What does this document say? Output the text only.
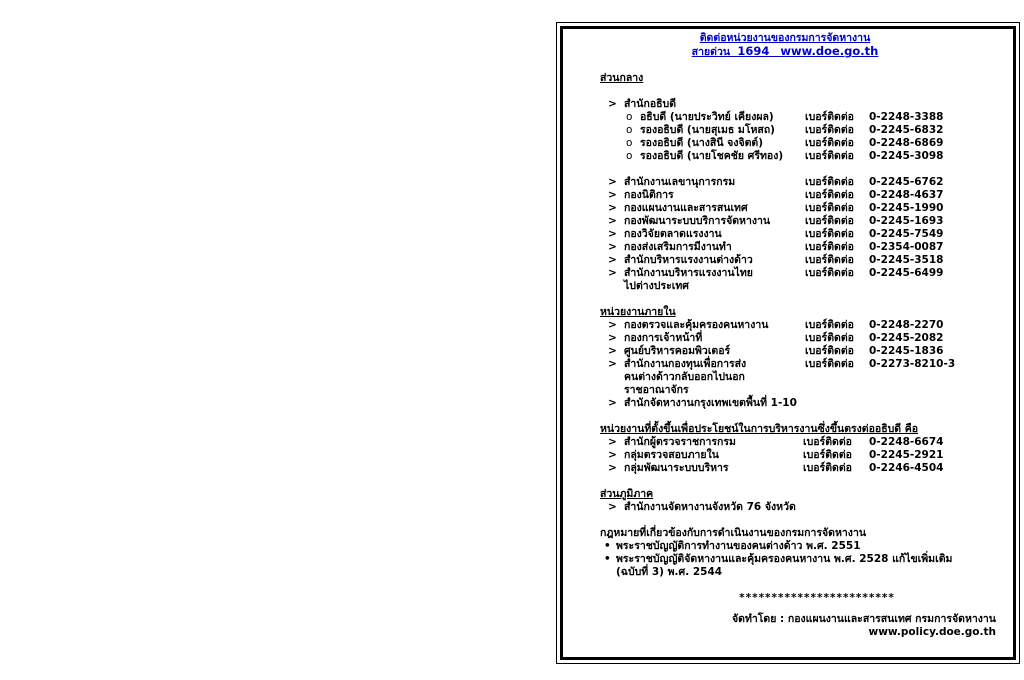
ติดต่อหน่วยงานของกรมการจัดหางาน
สายด่วน 1694 www.doe.go.th
ส่วนกลาง
> สำนักอธิบดี
o อธิบดี (นายประวิทย์ เคียงผล)	เบอร์ติดต่อ 0-2248-3388
o รองอธิบดี (นายสุเมธ มโหสถ)	เบอร์ติดต่อ 0-2245-6832
o รองอธิบดี (นางสินี จงจิตต์)	เบอร์ติดต่อ 0-2248-6869
o รองอธิบดี (นายโชคชัย ศรีทอง) เบอร์ติดต่อ 0-2245-3098
> สำนักงานเลขานุการกรม	เบอร์ติดต่อ 0-2245-6762
> กองนิติการ	เบอร์ติดต่อ 0-2248-4637
> กองแผนงานและสารสนเทศ	เบอร์ติดต่อ 0-2245-1990
> กองพัฒนาระบบบริการจัดหางาน	เบอร์ติดต่อ 0-2245-1693
> กองวิจัยตลาดแรงงาน	เบอร์ติดต่อ 0-2245-7549
> กองส่งเสริมการมีงานทำ	เบอร์ติดต่อ 0-2354-0087
> สำนักบริหารแรงงานต่างด้าว	เบอร์ติดต่อ 0-2245-3518
> สำนักงานบริหารแรงงานไทย	เบอร์ติดต่อ 0-2245-6499
ไปต่างประเทศ
หน่วยงานภายใน
> กองตรวจและคุ้มครองคนหางาน	เบอร์ติดต่อ 0-2248-2270
> กองการเจ้าหน้าที่	เบอร์ติดต่อ 0-2245-2082
> ศูนย์บริหารคอมพิวเตอร์	เบอร์ติดต่อ 0-2245-1836
> สำนักงานกองทุนเพื่อการส่ง	เบอร์ติดต่อ 0-2273-8210-3
คนต่างด้าวกลับออกไปนอก
ราชอาณาจักร
> สำนักจัดหางานกรุงเทพเขตพื้นที่ 1-10
หน่วยงานที่ตั้งขึ้นเพื่อประโยชน์ในการบริหารงานซึ่งขึ้นตรงต่ออธิบดี คือ
> สำนักผู้ตรวจราชการกรม	เบอร์ติดต่อ 0-2248-6674
> กลุ่มตรวจสอบภายใน	เบอร์ติดต่อ 0-2245-2921
> กลุ่มพัฒนาระบบบริหาร	เบอร์ติดต่อ 0-2246-4504
ส่วนภูมิภาค
> สำนักงานจัดหางานจังหวัด 76 จังหวัด
กฎหมายที่เกี่ยวข้องกับการดำเนินงานของกรมการจัดหางาน
• พระราชบัญญัติการทำงานของคนต่างด้าว พ.ศ. 2551
• พระราชบัญญัติจัดหางานและคุ้มครองคนหางาน พ.ศ. 2528 แก้ไขเพิ่มเติม
(ฉบับที่ 3) พ.ศ. 2544
************************
จัดทำโดย : กองแผนงานและสารสนเทศ กรมการจัดหางาน
www.policy.doe.go.th
